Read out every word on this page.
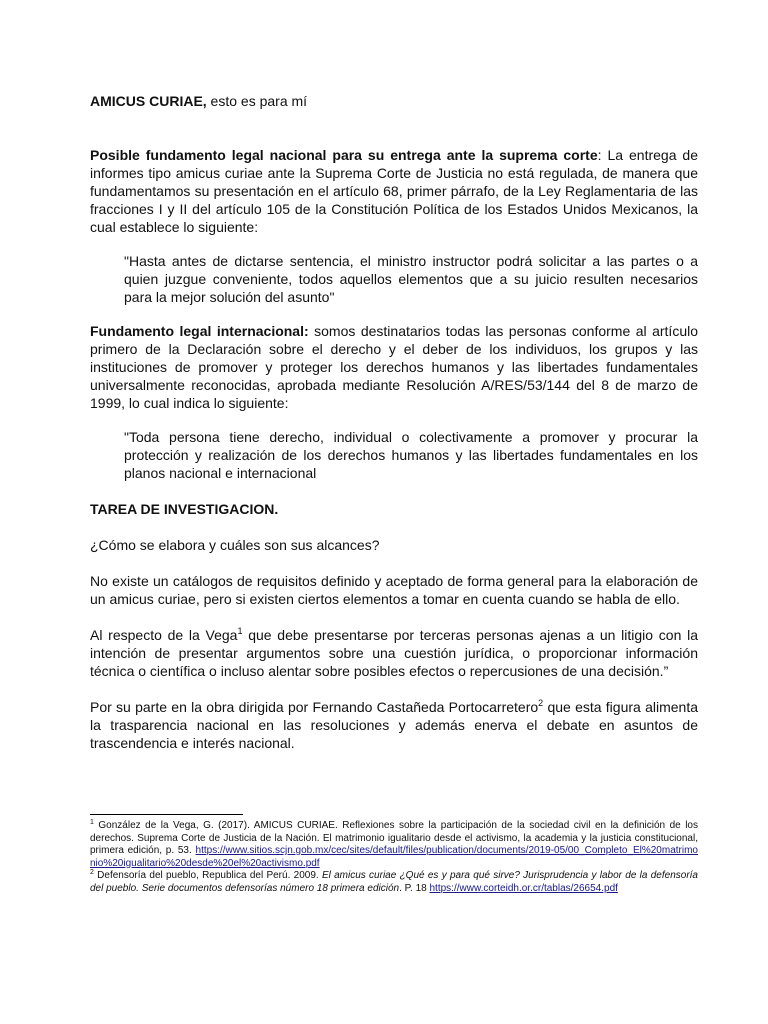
AMICUS CURIAE, esto es para mí

Posible fundamento legal nacional para su entrega ante la suprema corte: La entrega de informes tipo amicus curiae ante la Suprema Corte de Justicia no está regulada, de manera que fundamentamos su presentación en el artículo 68, primer párrafo, de la Ley Reglamentaria de las fracciones I y II del artículo 105 de la Constitución Política de los Estados Unidos Mexicanos, la cual establece lo siguiente:

"Hasta antes de dictarse sentencia, el ministro instructor podrá solicitar a las partes o a quien juzgue conveniente, todos aquellos elementos que a su juicio resulten necesarios para la mejor solución del asunto"

Fundamento legal internacional: somos destinatarios todas las personas conforme al artículo primero de la Declaración sobre el derecho y el deber de los individuos, los grupos y las instituciones de promover y proteger los derechos humanos y las libertades fundamentales universalmente reconocidas, aprobada mediante Resolución A/RES/53/144 del 8 de marzo de 1999, lo cual indica lo siguiente:

"Toda persona tiene derecho, individual o colectivamente a promover y procurar la protección y realización de los derechos humanos y las libertades fundamentales en los planos nacional e internacional

TAREA DE INVESTIGACION.

¿Cómo se elabora y cuáles son sus alcances?

No existe un catálogos de requisitos definido y aceptado de forma general para la elaboración de un amicus curiae, pero si existen ciertos elementos a tomar en cuenta cuando se habla de ello.

Al respecto de la Vega$^1$ que debe presentarse por terceras personas ajenas a un litigio con la intención de presentar argumentos sobre una cuestión jurídica, o proporcionar información técnica o científica o incluso alentar sobre posibles efectos o repercusiones de una decisión.”

Por su parte en la obra dirigida por Fernando Castañeda Portocarretero$^2$ que esta figura alimenta la trasparencia nacional en las resoluciones y además enerva el debate en asuntos de trascendencia e interés nacional.

$^1$ González de la Vega, G. (2017). AMICUS CURIAE. Reflexiones sobre la participación de la sociedad civil en la definición de los derechos. Suprema Corte de Justicia de la Nación. El matrimonio igualitario desde el activismo, la academia y la justicia constitucional, primera edición, p. 53. https://www.sitios.scjn.gob.mx/cec/sites/default/files/publication/documents/2019-05/00_Completo_El%20matrimonio%20igualitario%20desde%20el%20activismo.pdf

$^2$ Defensoría del pueblo, Republica del Perú. 2009. El amicus curiae ¿Qué es y para qué sirve? Jurisprudencia y labor de la defensoría del pueblo. Serie documentos defensorías número 18 primera edición. P. 18 https://www.corteidh.or.cr/tablas/26654.pdf
